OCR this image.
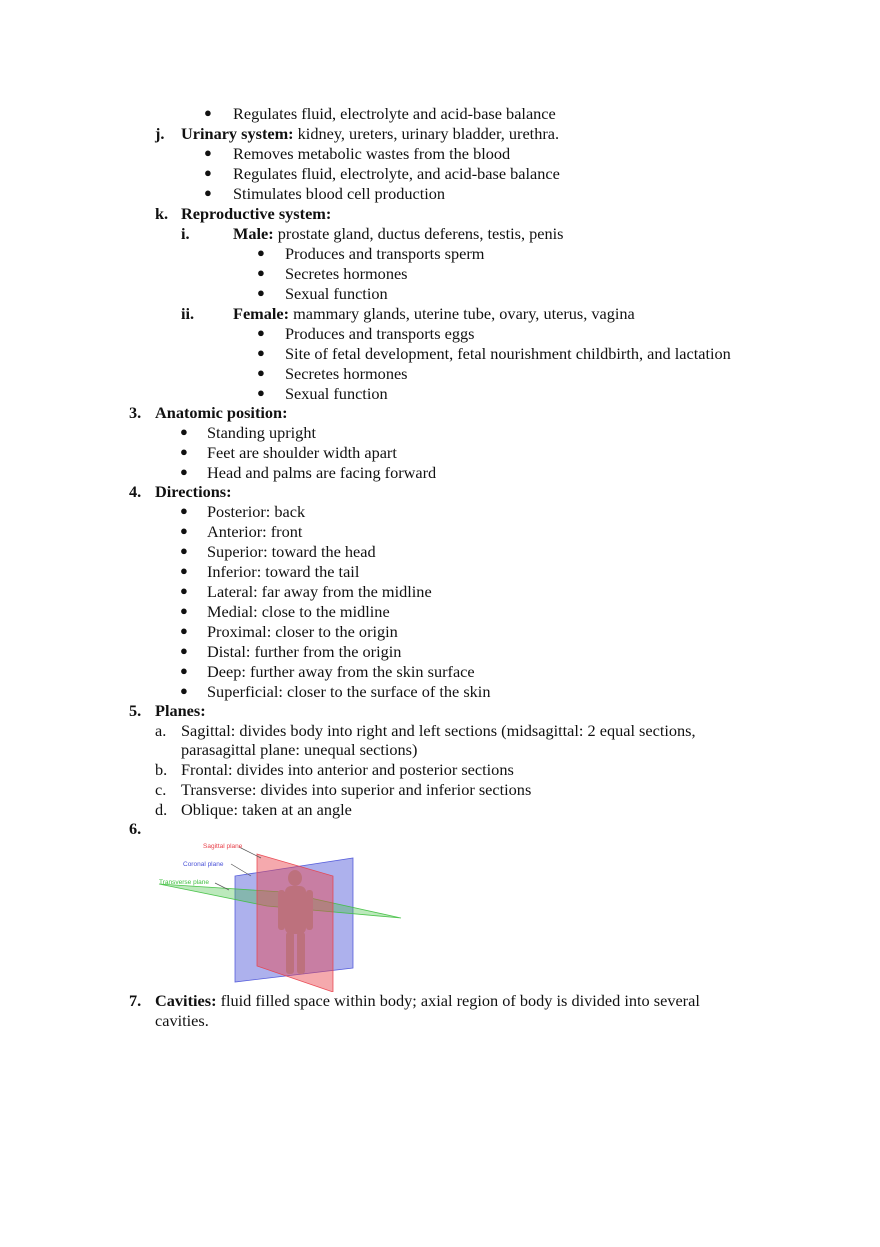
● Regulates fluid, electrolyte and acid-base balance
j. Urinary system: kidney, ureters, urinary bladder, urethra.
● Removes metabolic wastes from the blood
● Regulates fluid, electrolyte, and acid-base balance
● Stimulates blood cell production
k. Reproductive system:
i.	Male: prostate gland, ductus deferens, testis, penis
● Produces and transports sperm
● Secretes hormones
● Sexual function
ii. Female: mammary glands, uterine tube, ovary, uterus, vagina
● Produces and transports eggs
● Site of fetal development, fetal nourishment childbirth, and lactation
● Secretes hormones
● Sexual function
3. Anatomic position:
● Standing upright
● Feet are shoulder width apart
● Head and palms are facing forward
4. Directions:
● Posterior: back
● Anterior: front
● Superior: toward the head
● Inferior: toward the tail
● Lateral: far away from the midline
● Medial: close to the midline
● Proximal: closer to the origin
● Distal: further from the origin
● Deep: further away from the skin surface
● Superficial: closer to the surface of the skin
5. Planes:
a. Sagittal: divides body into right and left sections (midsagittal: 2 equal sections,
parasagittal plane: unequal sections)
b. Frontal: divides into anterior and posterior sections
c. Transverse: divides into superior and inferior sections
d. Oblique: taken at an angle
6.
Sagittal plane
Coronal plane
Transverse plane
7. Cavities: fluid filled space within body; axial region of body is divided into several
cavities.
